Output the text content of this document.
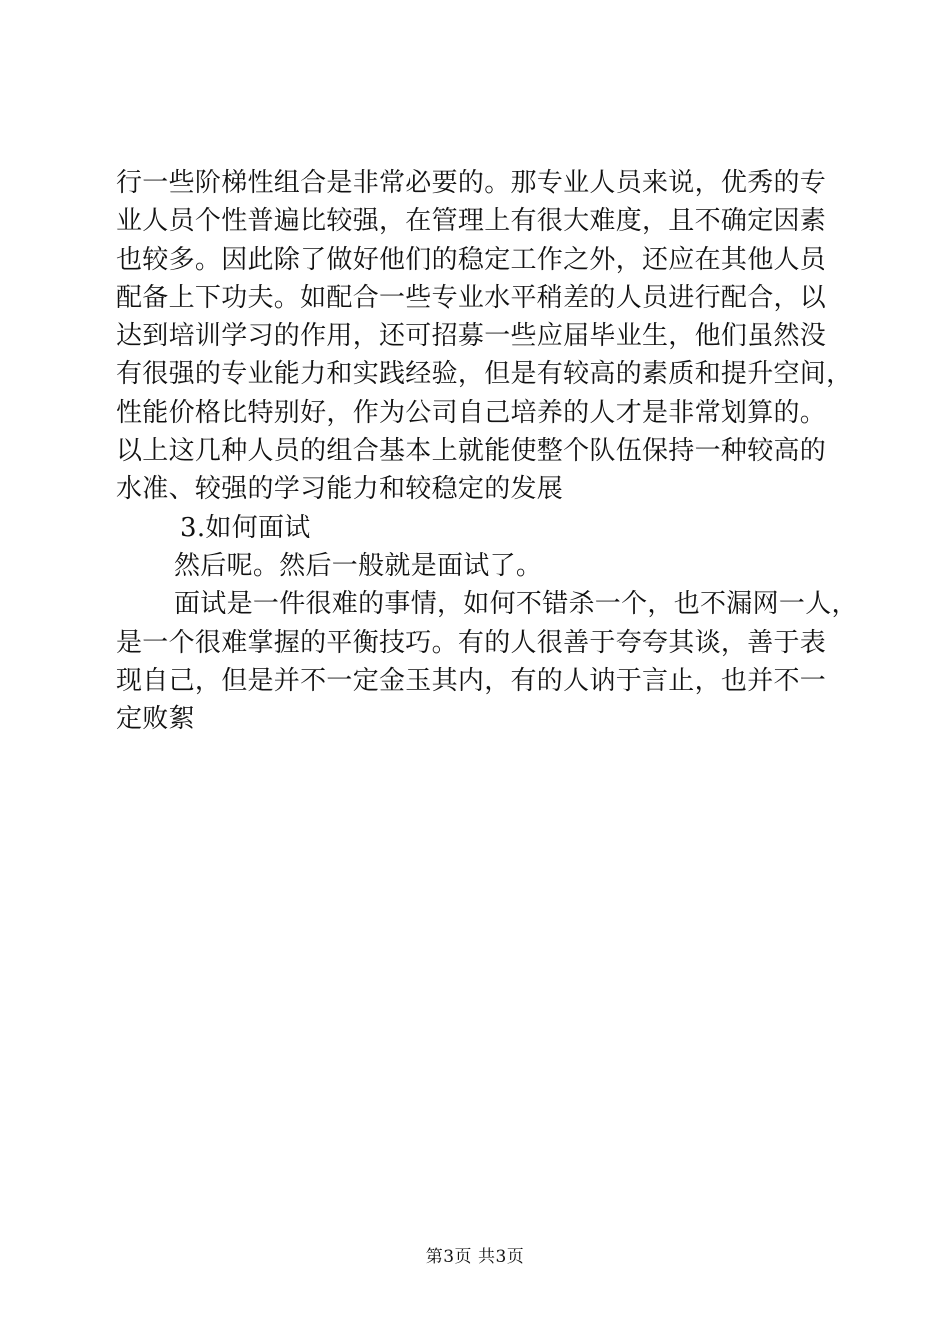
行一些阶梯性组合是非常必要的。那专业人员来说，优秀的专
业人员个性普遍比较强，在管理上有很大难度，且不确定因素
也较多。因此除了做好他们的稳定工作之外，还应在其他人员
配备上下功夫。如配合一些专业水平稍差的人员进行配合，以
达到培训学习的作用，还可招募一些应届毕业生，他们虽然没
有很强的专业能力和实践经验，但是有较高的素质和提升空间，
性能价格比特别好，作为公司自己培养的人才是非常划算的。
以上这几种人员的组合基本上就能使整个队伍保持一种较高的
水准、较强的学习能力和较稳定的发展
3.如何面试
然后呢。然后一般就是面试了。
面试是一件很难的事情，如何不错杀一个，也不漏网一人，
是一个很难掌握的平衡技巧。有的人很善于夸夸其谈，善于表
现自己，但是并不一定金玉其内，有的人讷于言止，也并不一
定败絮
第3页 共3页
